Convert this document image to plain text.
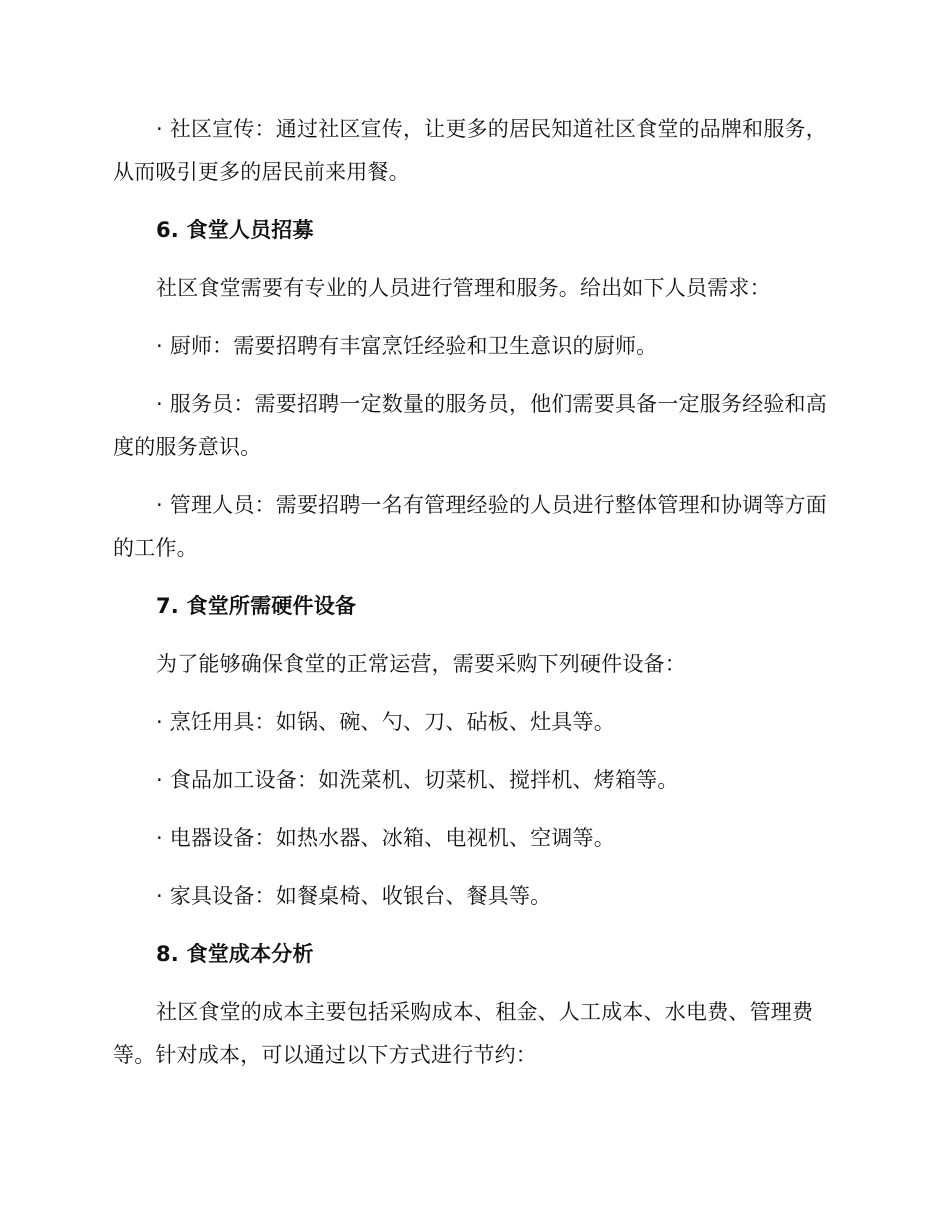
· 社区宣传：通过社区宣传，让更多的居民知道社区食堂的品牌和服务，从而吸引更多的居民前来用餐。

6. 食堂人员招募

社区食堂需要有专业的人员进行管理和服务。给出如下人员需求：

· 厨师：需要招聘有丰富烹饪经验和卫生意识的厨师。

· 服务员：需要招聘一定数量的服务员，他们需要具备一定服务经验和高度的服务意识。

· 管理人员：需要招聘一名有管理经验的人员进行整体管理和协调等方面的工作。

7. 食堂所需硬件设备

为了能够确保食堂的正常运营，需要采购下列硬件设备：

· 烹饪用具：如锅、碗、勺、刀、砧板、灶具等。

· 食品加工设备：如洗菜机、切菜机、搅拌机、烤箱等。

· 电器设备：如热水器、冰箱、电视机、空调等。

· 家具设备：如餐桌椅、收银台、餐具等。

8. 食堂成本分析

社区食堂的成本主要包括采购成本、租金、人工成本、水电费、管理费等。针对成本，可以通过以下方式进行节约：
